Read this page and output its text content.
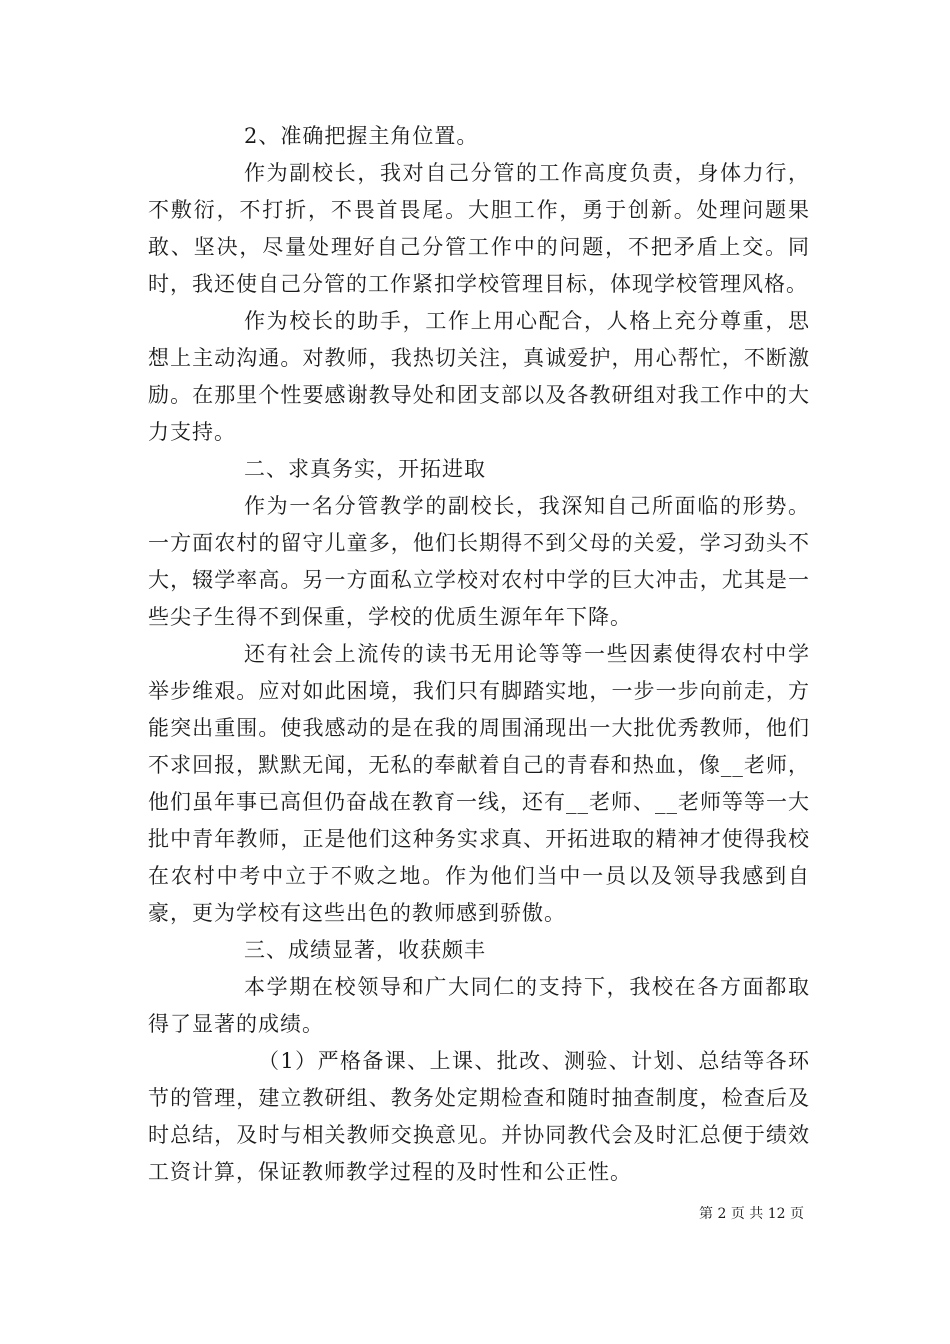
2、准确把握主角位置。

作为副校长，我对自己分管的工作高度负责，身体力行，不敷衍，不打折，不畏首畏尾。大胆工作，勇于创新。处理问题果敢、坚决，尽量处理好自己分管工作中的问题，不把矛盾上交。同时，我还使自己分管的工作紧扣学校管理目标，体现学校管理风格。

作为校长的助手，工作上用心配合，人格上充分尊重，思想上主动沟通。对教师，我热切关注，真诚爱护，用心帮忙，不断激励。在那里个性要感谢教导处和团支部以及各教研组对我工作中的大力支持。

二、求真务实，开拓进取

作为一名分管教学的副校长，我深知自己所面临的形势。一方面农村的留守儿童多，他们长期得不到父母的关爱，学习劲头不大，辍学率高。另一方面私立学校对农村中学的巨大冲击，尤其是一些尖子生得不到保重，学校的优质生源年年下降。

还有社会上流传的读书无用论等等一些因素使得农村中学举步维艰。应对如此困境，我们只有脚踏实地，一步一步向前走，方能突出重围。使我感动的是在我的周围涌现出一大批优秀教师，他们不求回报，默默无闻，无私的奉献着自己的青春和热血，像__老师，他们虽年事已高但仍奋战在教育一线，还有__老师、__老师等等一大批中青年教师，正是他们这种务实求真、开拓进取的精神才使得我校在农村中考中立于不败之地。作为他们当中一员以及领导我感到自豪，更为学校有这些出色的教师感到骄傲。

三、成绩显著，收获颇丰

本学期在校领导和广大同仁的支持下，我校在各方面都取得了显著的成绩。

（1）严格备课、上课、批改、测验、计划、总结等各环节的管理，建立教研组、教务处定期检查和随时抽查制度，检查后及时总结，及时与相关教师交换意见。并协同教代会及时汇总便于绩效工资计算，保证教师教学过程的及时性和公正性。

第 2 页 共 12 页
